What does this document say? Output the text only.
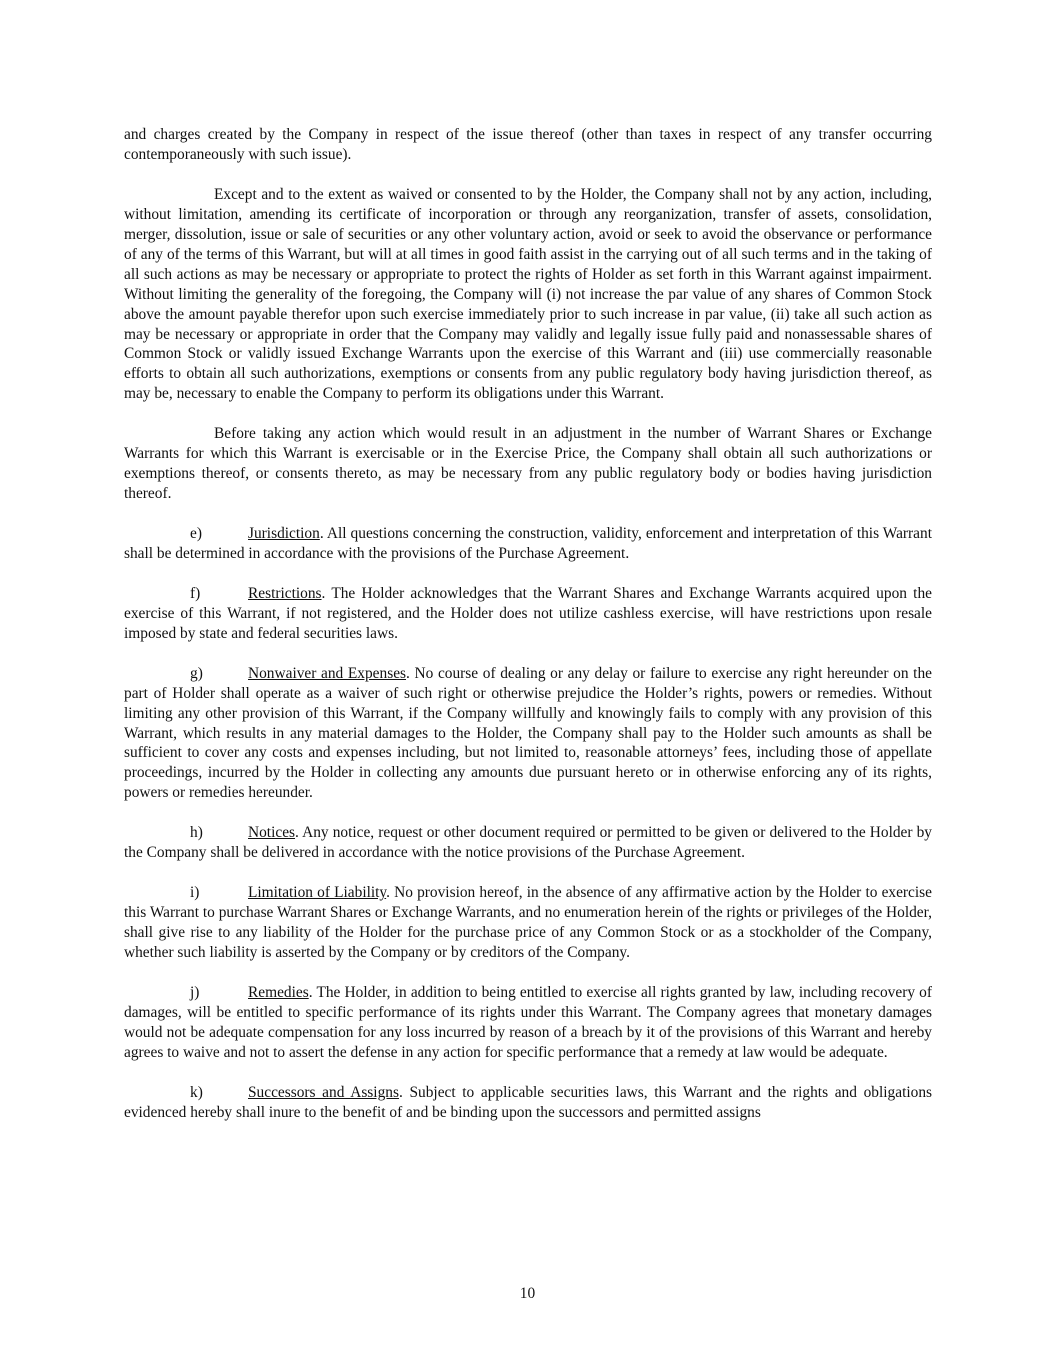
and charges created by the Company in respect of the issue thereof (other than taxes in respect of any transfer occurring contemporaneously with such issue).

Except and to the extent as waived or consented to by the Holder, the Company shall not by any action, including, without limitation, amending its certificate of incorporation or through any reorganization, transfer of assets, consolidation, merger, dissolution, issue or sale of securities or any other voluntary action, avoid or seek to avoid the observance or performance of any of the terms of this Warrant, but will at all times in good faith assist in the carrying out of all such terms and in the taking of all such actions as may be necessary or appropriate to protect the rights of Holder as set forth in this Warrant against impairment. Without limiting the generality of the foregoing, the Company will (i) not increase the par value of any shares of Common Stock above the amount payable therefor upon such exercise immediately prior to such increase in par value, (ii) take all such action as may be necessary or appropriate in order that the Company may validly and legally issue fully paid and nonassessable shares of Common Stock or validly issued Exchange Warrants upon the exercise of this Warrant and (iii) use commercially reasonable efforts to obtain all such authorizations, exemptions or consents from any public regulatory body having jurisdiction thereof, as may be, necessary to enable the Company to perform its obligations under this Warrant.

Before taking any action which would result in an adjustment in the number of Warrant Shares or Exchange Warrants for which this Warrant is exercisable or in the Exercise Price, the Company shall obtain all such authorizations or exemptions thereof, or consents thereto, as may be necessary from any public regulatory body or bodies having jurisdiction thereof.

e)	Jurisdiction. All questions concerning the construction, validity, enforcement and interpretation of this Warrant shall be determined in accordance with the provisions of the Purchase Agreement.

f)	Restrictions. The Holder acknowledges that the Warrant Shares and Exchange Warrants acquired upon the exercise of this Warrant, if not registered, and the Holder does not utilize cashless exercise, will have restrictions upon resale imposed by state and federal securities laws.

g)	Nonwaiver and Expenses. No course of dealing or any delay or failure to exercise any right hereunder on the part of Holder shall operate as a waiver of such right or otherwise prejudice the Holder’s rights, powers or remedies. Without limiting any other provision of this Warrant, if the Company willfully and knowingly fails to comply with any provision of this Warrant, which results in any material damages to the Holder, the Company shall pay to the Holder such amounts as shall be sufficient to cover any costs and expenses including, but not limited to, reasonable attorneys’ fees, including those of appellate proceedings, incurred by the Holder in collecting any amounts due pursuant hereto or in otherwise enforcing any of its rights, powers or remedies hereunder.

h)	Notices. Any notice, request or other document required or permitted to be given or delivered to the Holder by the Company shall be delivered in accordance with the notice provisions of the Purchase Agreement.

i)	Limitation of Liability. No provision hereof, in the absence of any affirmative action by the Holder to exercise this Warrant to purchase Warrant Shares or Exchange Warrants, and no enumeration herein of the rights or privileges of the Holder, shall give rise to any liability of the Holder for the purchase price of any Common Stock or as a stockholder of the Company, whether such liability is asserted by the Company or by creditors of the Company.

j)	Remedies. The Holder, in addition to being entitled to exercise all rights granted by law, including recovery of damages, will be entitled to specific performance of its rights under this Warrant. The Company agrees that monetary damages would not be adequate compensation for any loss incurred by reason of a breach by it of the provisions of this Warrant and hereby agrees to waive and not to assert the defense in any action for specific performance that a remedy at law would be adequate.

k)	Successors and Assigns. Subject to applicable securities laws, this Warrant and the rights and obligations evidenced hereby shall inure to the benefit of and be binding upon the successors and permitted assigns

10
